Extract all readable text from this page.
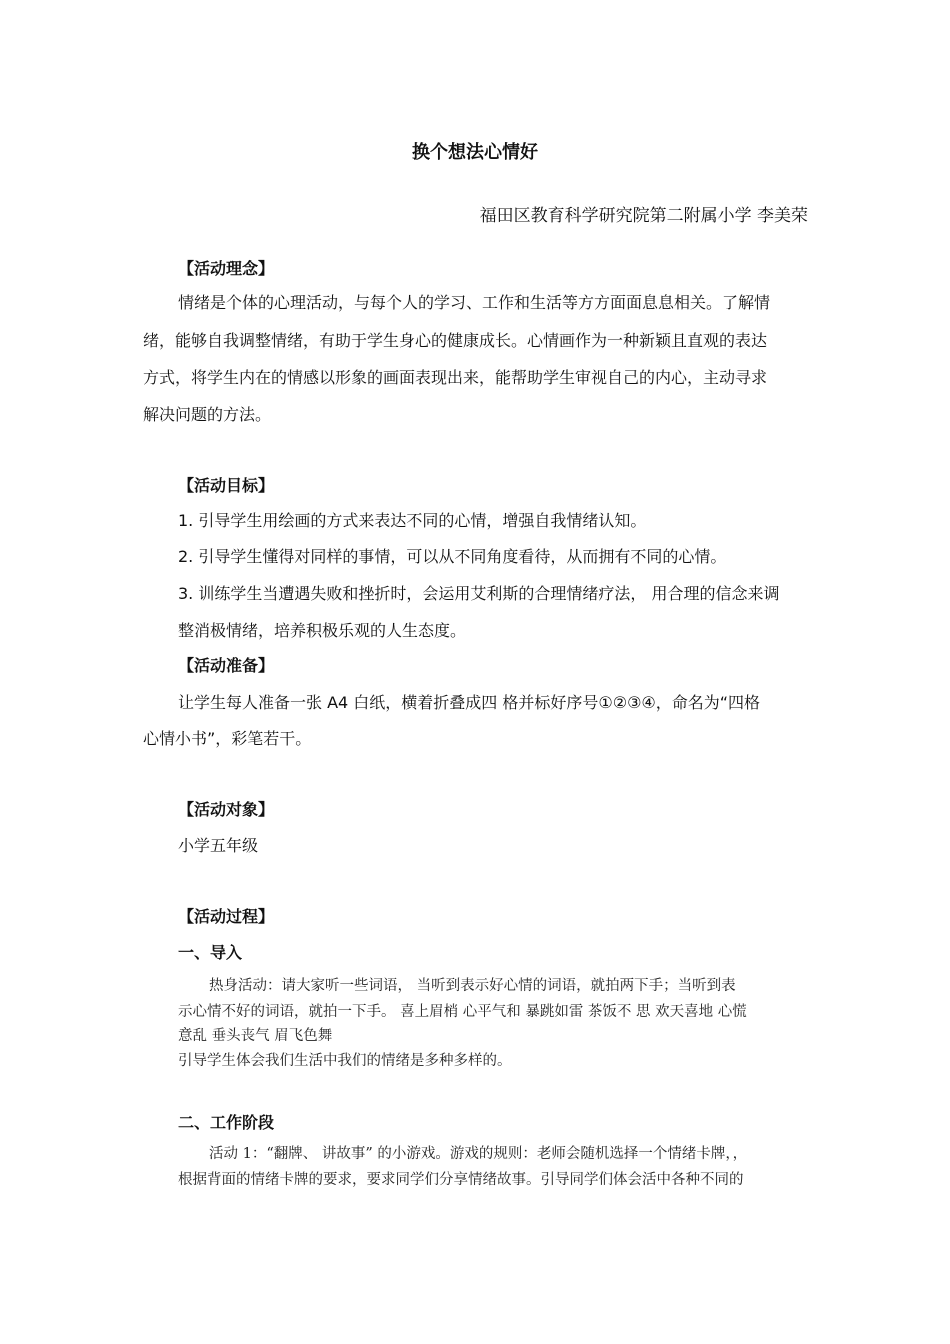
换个想法心情好
福田区教育科学研究院第二附属小学 李美荣
【活动理念】
情绪是个体的心理活动，与每个人的学习、工作和生活等方方面面息息相关。了解情
绪，能够自我调整情绪，有助于学生身心的健康成长。心情画作为一种新颖且直观的表达
方式，将学生内在的情感以形象的画面表现出来，能帮助学生审视自己的内心，主动寻求
解决问题的方法。
【活动目标】
1. 引导学生用绘画的方式来表达不同的心情，增强自我情绪认知。
2. 引导学生懂得对同样的事情，可以从不同角度看待，从而拥有不同的心情。
3. 训练学生当遭遇失败和挫折时，会运用艾利斯的合理情绪疗法， 用合理的信念来调
整消极情绪，培养积极乐观的人生态度。
【活动准备】
让学生每人准备一张 A4 白纸，横着折叠成四 格并标好序号①②③④，命名为“四格
心情小书”，彩笔若干。
【活动对象】
小学五年级
【活动过程】
一、导入
热身活动：请大家听一些词语， 当听到表示好心情的词语，就拍两下手；当听到表
示心情不好的词语，就拍一下手。 喜上眉梢 心平气和 暴跳如雷 茶饭不 思 欢天喜地 心慌
意乱 垂头丧气 眉飞色舞
引导学生体会我们生活中我们的情绪是多种多样的。
二、工作阶段
活动 1：“翻牌、 讲故事” 的小游戏。游戏的规则：老师会随机选择一个情绪卡牌，，
根据背面的情绪卡牌的要求，要求同学们分享情绪故事。引导同学们体会活中各种不同的
